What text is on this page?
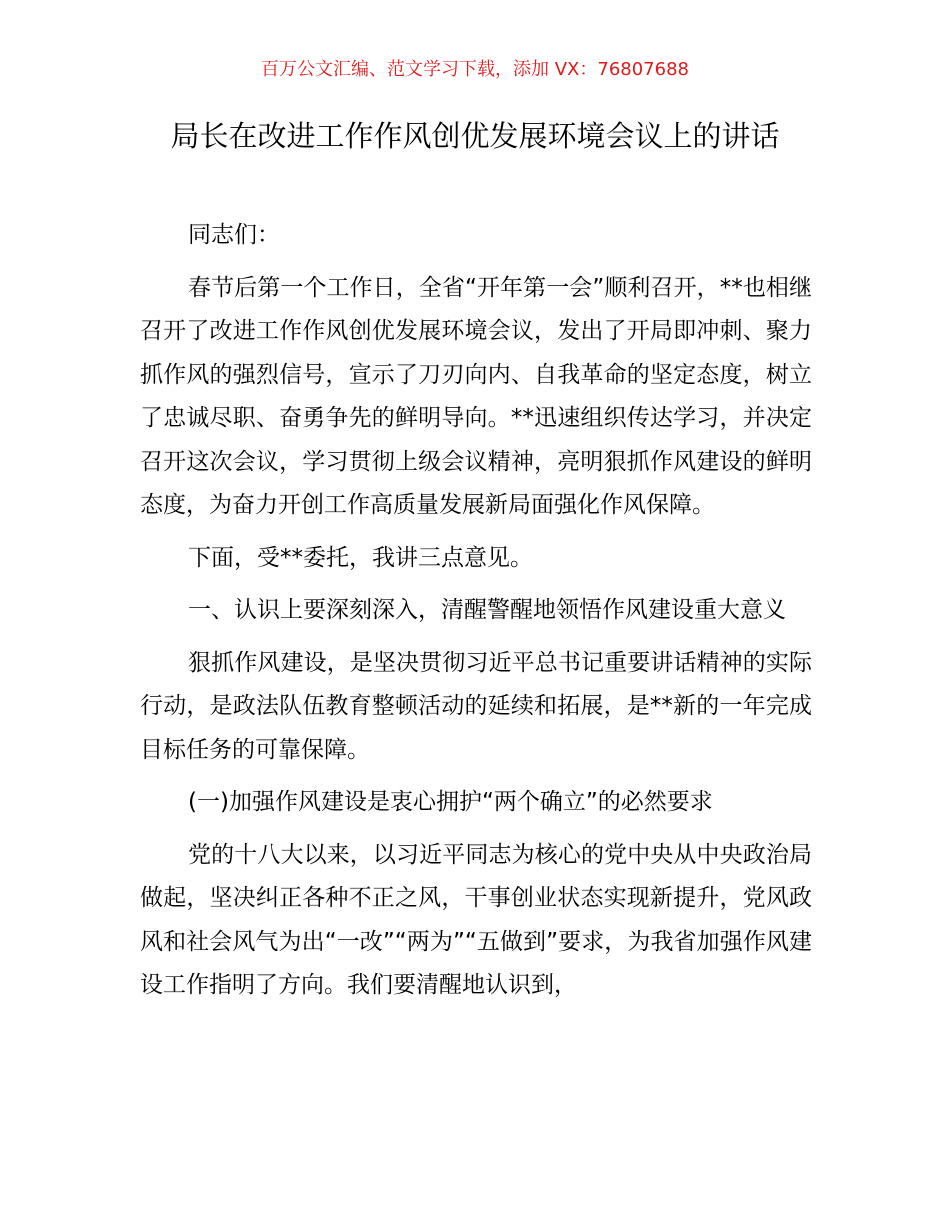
百万公文汇编、范文学习下载，添加 VX：76807688
局长在改进工作作风创优发展环境会议上的讲话

同志们：

春节后第一个工作日，全省“开年第一会”顺利召开，**也相继召开了改进工作作风创优发展环境会议，发出了开局即冲刺、聚力抓作风的强烈信号，宣示了刀刃向内、自我革命的坚定态度，树立了忠诚尽职、奋勇争先的鲜明导向。**迅速组织传达学习，并决定召开这次会议，学习贯彻上级会议精神，亮明狠抓作风建设的鲜明态度，为奋力开创工作高质量发展新局面强化作风保障。

下面，受**委托，我讲三点意见。

一、认识上要深刻深入，清醒警醒地领悟作风建设重大意义

狠抓作风建设，是坚决贯彻习近平总书记重要讲话精神的实际行动，是政法队伍教育整顿活动的延续和拓展，是**新的一年完成目标任务的可靠保障。

(一)加强作风建设是衷心拥护“两个确立”的必然要求

党的十八大以来，以习近平同志为核心的党中央从中央政治局做起，坚决纠正各种不正之风，干事创业状态实现新提升，党风政风和社会风气为出“一改”“两为”“五做到”要求，为我省加强作风建设工作指明了方向。我们要清醒地认识到，
